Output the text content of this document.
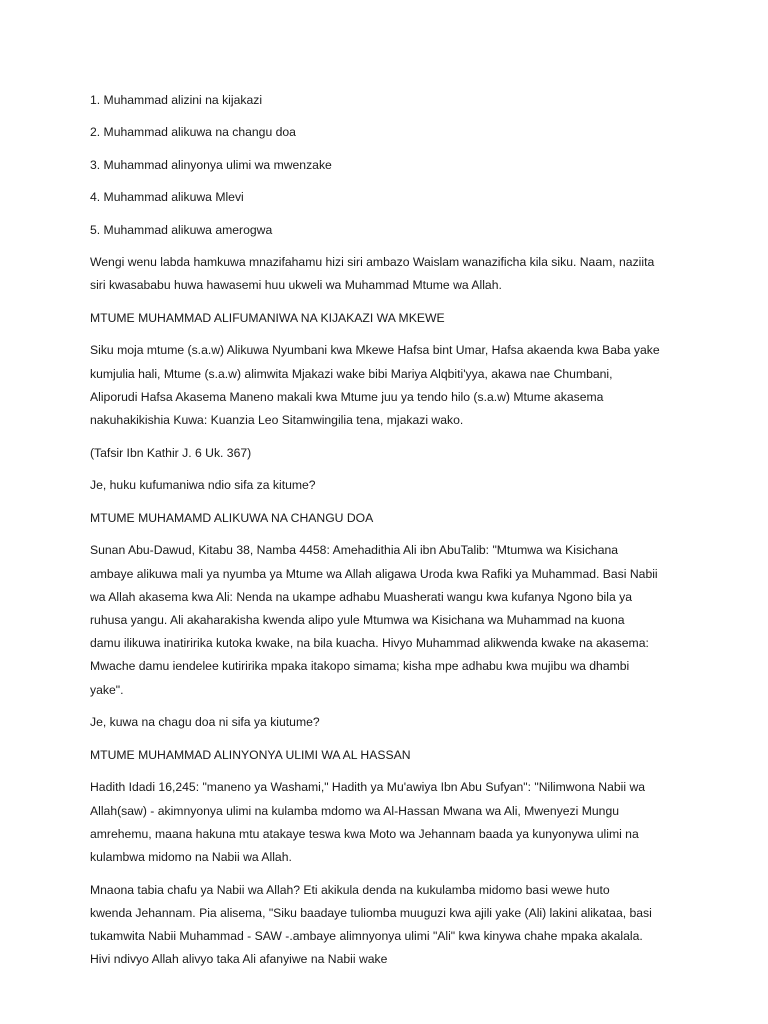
1. Muhammad alizini na kijakazi

2. Muhammad alikuwa na changu doa

3. Muhammad alinyonya ulimi wa mwenzake

4. Muhammad alikuwa Mlevi

5. Muhammad alikuwa amerogwa

Wengi wenu labda hamkuwa mnazifahamu hizi siri ambazo Waislam wanazificha kila siku. Naam, naziita

siri kwasababu huwa hawasemi huu ukweli wa Muhammad Mtume wa Allah.

MTUME MUHAMMAD ALIFUMANIWA NA KIJAKAZI WA MKEWE

Siku moja mtume (s.a.w) Alikuwa Nyumbani kwa Mkewe Hafsa bint Umar, Hafsa akaenda kwa Baba yake

kumjulia hali, Mtume (s.a.w) alimwita Mjakazi wake bibi Mariya Alqbiti'yya, akawa nae Chumbani,

Aliporudi Hafsa Akasema Maneno makali kwa Mtume juu ya tendo hilo (s.a.w) Mtume akasema

nakuhakikishia Kuwa: Kuanzia Leo Sitamwingilia tena, mjakazi wako.

(Tafsir Ibn Kathir J. 6 Uk. 367)

Je, huku kufumaniwa ndio sifa za kitume?

MTUME MUHAMAMD ALIKUWA NA CHANGU DOA

Sunan Abu-Dawud, Kitabu 38, Namba 4458: Amehadithia Ali ibn AbuTalib: "Mtumwa wa Kisichana

ambaye alikuwa mali ya nyumba ya Mtume wa Allah aligawa Uroda kwa Rafiki ya Muhammad. Basi Nabii

wa Allah akasema kwa Ali: Nenda na ukampe adhabu Muasherati wangu kwa kufanya Ngono bila ya

ruhusa yangu. Ali akaharakisha kwenda alipo yule Mtumwa wa Kisichana wa Muhammad na kuona

damu ilikuwa inatiririka kutoka kwake, na bila kuacha. Hivyo Muhammad alikwenda kwake na akasema:

Mwache damu iendelee kutiririka mpaka itakopo simama; kisha mpe adhabu kwa mujibu wa dhambi

yake".

Je, kuwa na chagu doa ni sifa ya kiutume?

MTUME MUHAMMAD ALINYONYA ULIMI WA AL HASSAN

Hadith Idadi 16,245: "maneno ya Washami," Hadith ya Mu'awiya Ibn Abu Sufyan": "Nilimwona Nabii wa

Allah(saw) - akimnyonya ulimi na kulamba mdomo wa Al-Hassan Mwana wa Ali, Mwenyezi Mungu

amrehemu, maana hakuna mtu atakaye teswa kwa Moto wa Jehannam baada ya kunyonywa ulimi na

kulambwa midomo na Nabii wa Allah.

Mnaona tabia chafu ya Nabii wa Allah? Eti akikula denda na kukulamba midomo basi wewe huto

kwenda Jehannam. Pia alisema, "Siku baadaye tuliomba muuguzi kwa ajili yake (Ali) lakini alikataa, basi

tukamwita Nabii Muhammad - SAW -.ambaye alimnyonya ulimi "Ali" kwa kinywa chahe mpaka akalala.

Hivi ndivyo Allah alivyo taka Ali afanyiwe na Nabii wake
